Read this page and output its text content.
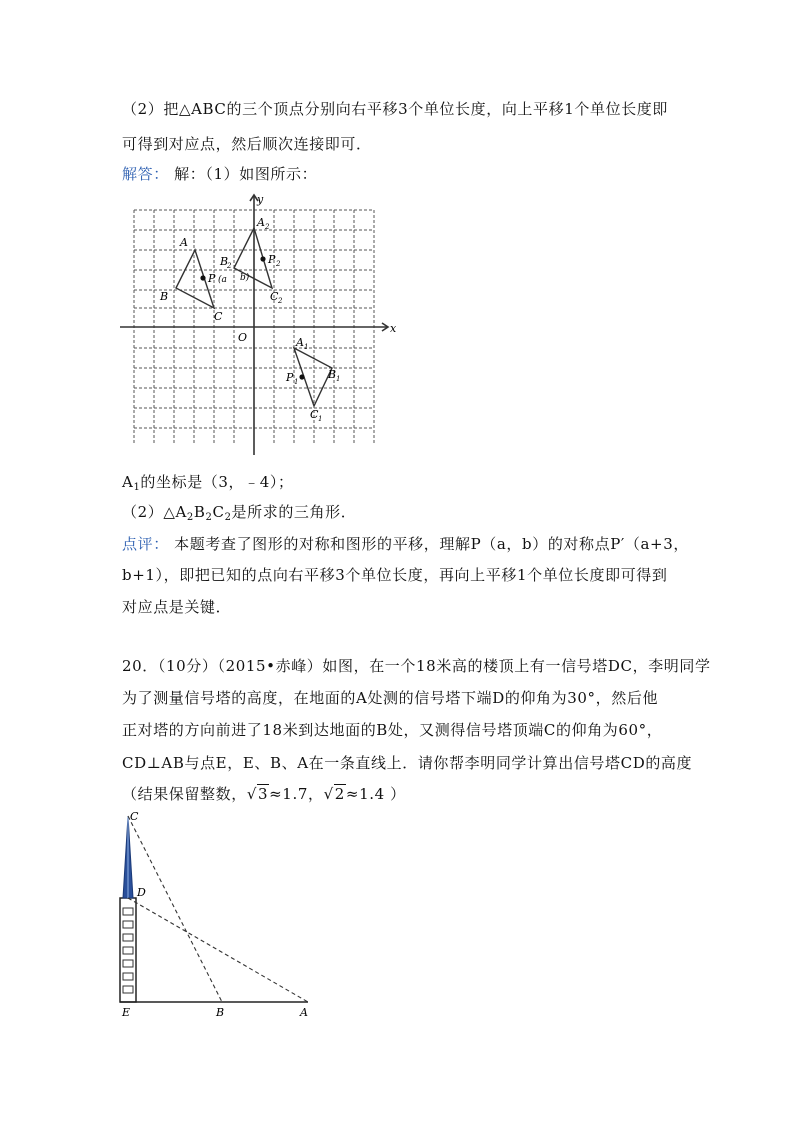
（2）把△ABC的三个顶点分别向右平移3个单位长度，向上平移1个单位长度即
可得到对应点，然后顺次连接即可．
解答： 解：（1）如图所示：
x
y
O
A
B
C
P (a b)
A 2
B
2
C 2
P 2
A 1
B 1
C 1
P 1
$A_1$的坐标是（3，﹣4）；
$(2)\triangle A_2B_2C_2$是所求的三角形．
点评： 本题考查了图形的对称和图形的平移，理解P（a，b）的对称点P′（a+3，
b+1），即把已知的点向右平移3个单位长度，再向上平移1个单位长度即可得到
对应点是关键．
20．（10分）（2015•赤峰）如图，在一个18米高的楼顶上有一信号塔DC，李明同学
为了测量信号塔的高度，在地面的A处测的信号塔下端D的仰角为30°，然后他
正对塔的方向前进了18米到达地面的B处，又测得信号塔顶端C的仰角为60°，
CD⊥AB与点E，E、B、A在一条直线上．请你帮李明同学计算出信号塔CD的高度
（结果保留整数，√3≈1.7，√2≈1.4 ）
C
D
E	B	A
